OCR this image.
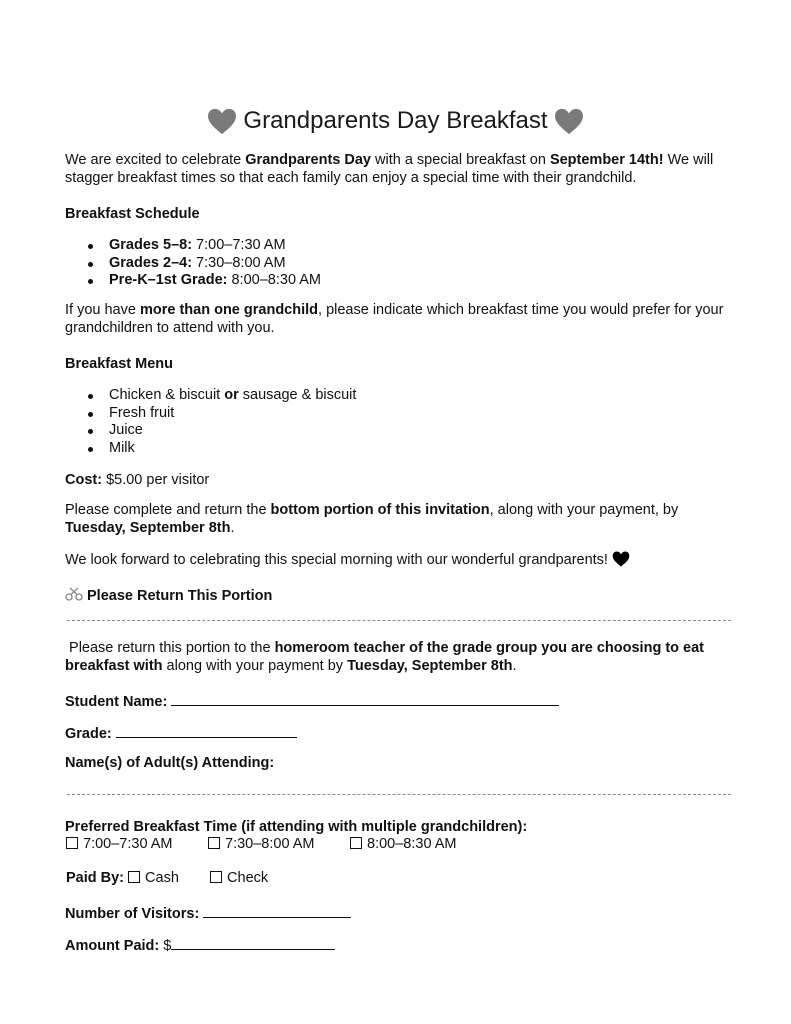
Grandparents Day Breakfast
We are excited to celebrate Grandparents Day with a special breakfast on September 14th! We will stagger breakfast times so that each family can enjoy a special time with their grandchild.
Breakfast Schedule
Grades 5–8: 7:00–7:30 AM
Grades 2–4: 7:30–8:00 AM
Pre-K–1st Grade: 8:00–8:30 AM
If you have more than one grandchild, please indicate which breakfast time you would prefer for your grandchildren to attend with you.
Breakfast Menu
Chicken & biscuit or sausage & biscuit
Fresh fruit
Juice
Milk
Cost: $5.00 per visitor
Please complete and return the bottom portion of this invitation, along with your payment, by Tuesday, September 8th.
We look forward to celebrating this special morning with our wonderful grandparents!
Please Return This Portion
Please return this portion to the homeroom teacher of the grade group you are choosing to eat breakfast with along with your payment by Tuesday, September 8th.
Student Name:
Grade:
Name(s) of Adult(s) Attending:
Preferred Breakfast Time (if attending with multiple grandchildren):
7:00–7:30 AM	7:30–8:00 AM	8:00–8:30 AM
Paid By: Cash	Check
Number of Visitors:
Amount Paid: $
